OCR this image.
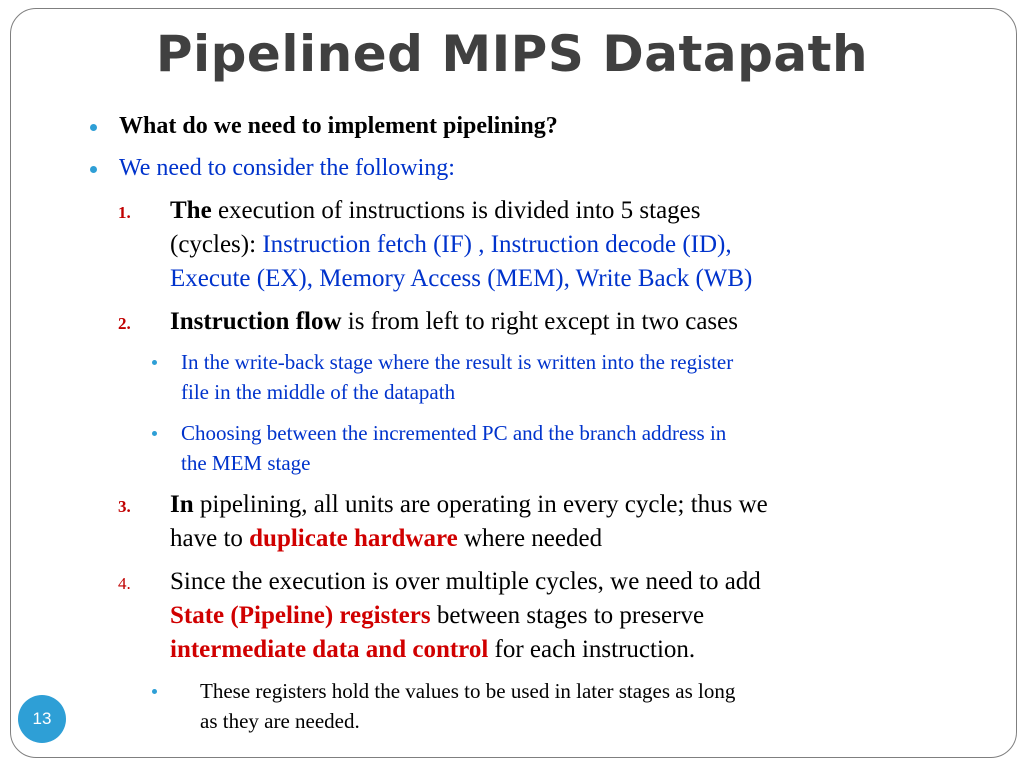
Pipelined MIPS Datapath
What do we need to implement pipelining?
We need to consider the following:
1. The execution of instructions is divided into 5 stages
(cycles): Instruction fetch (IF) , Instruction decode (ID),
Execute (EX), Memory Access (MEM), Write Back (WB)
2. Instruction flow is from left to right except in two cases
In the write-back stage where the result is written into the register
file in the middle of the datapath
Choosing between the incremented PC and the branch address in
the MEM stage
3. In pipelining, all units are operating in every cycle; thus we
have to duplicate hardware where needed
4. Since the execution is over multiple cycles, we need to add
State (Pipeline) registers between stages to preserve
intermediate data and control for each instruction.
These registers hold the values to be used in later stages as long
as they are needed.
13
